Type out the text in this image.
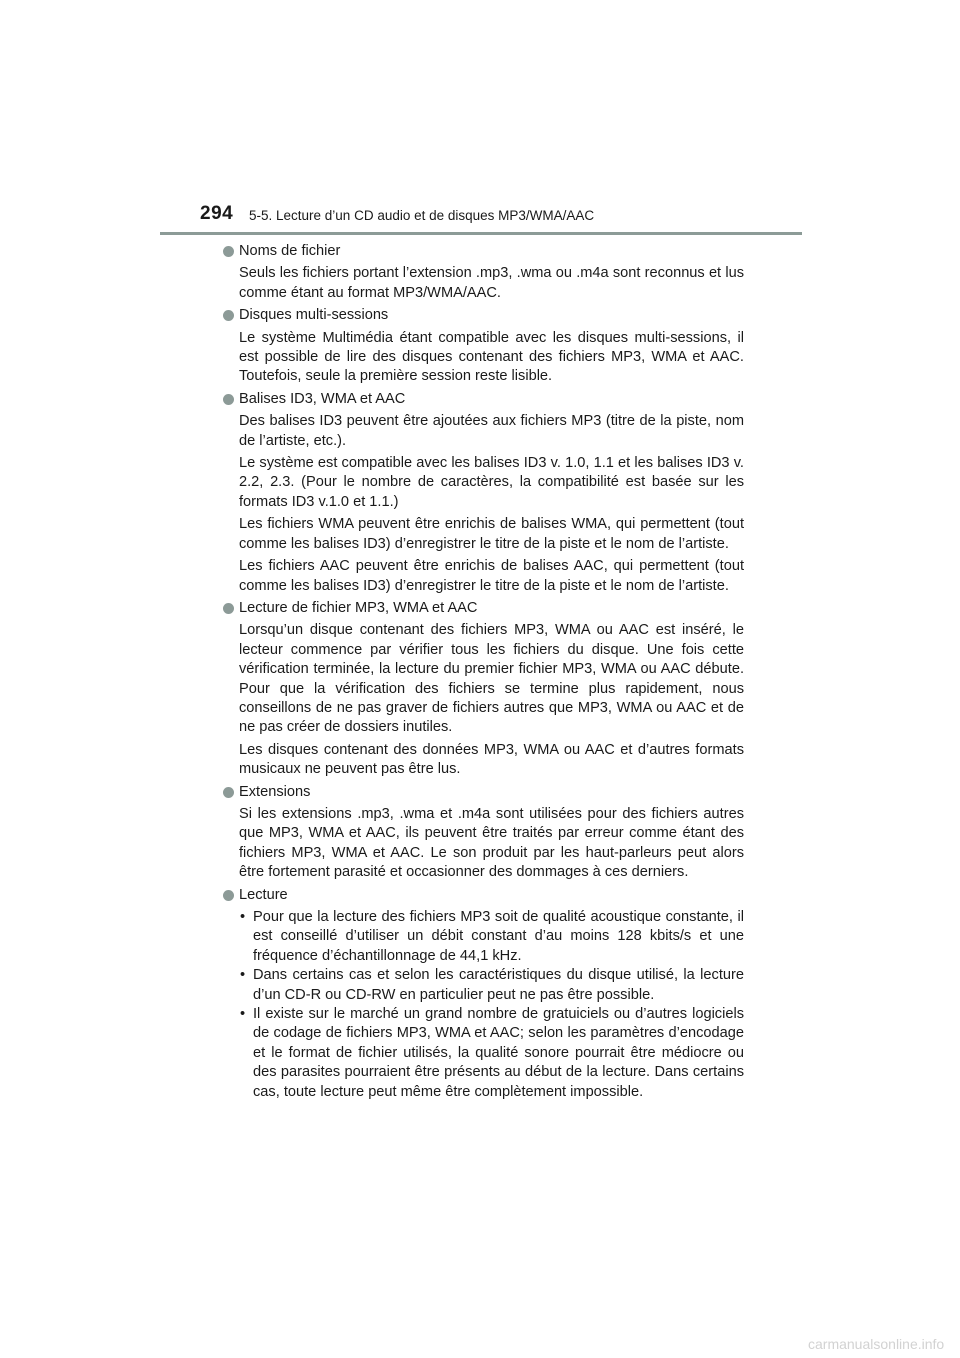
294 5-5. Lecture d’un CD audio et de disques MP3/WMA/AAC
Noms de fichier
Seuls les fichiers portant l’extension .mp3, .wma ou .m4a sont reconnus et lus comme étant au format MP3/WMA/AAC.
Disques multi-sessions
Le système Multimédia étant compatible avec les disques multi-sessions, il est possible de lire des disques contenant des fichiers MP3, WMA et AAC. Toutefois, seule la première session reste lisible.
Balises ID3, WMA et AAC
Des balises ID3 peuvent être ajoutées aux fichiers MP3 (titre de la piste, nom de l’artiste, etc.).
Le système est compatible avec les balises ID3 v. 1.0, 1.1 et les balises ID3 v. 2.2, 2.3. (Pour le nombre de caractères, la compatibilité est basée sur les formats ID3 v.1.0 et 1.1.)
Les fichiers WMA peuvent être enrichis de balises WMA, qui permettent (tout comme les balises ID3) d’enregistrer le titre de la piste et le nom de l’artiste.
Les fichiers AAC peuvent être enrichis de balises AAC, qui permettent (tout comme les balises ID3) d’enregistrer le titre de la piste et le nom de l’artiste.
Lecture de fichier MP3, WMA et AAC
Lorsqu’un disque contenant des fichiers MP3, WMA ou AAC est inséré, le lecteur commence par vérifier tous les fichiers du disque. Une fois cette vérification terminée, la lecture du premier fichier MP3, WMA ou AAC débute. Pour que la vérification des fichiers se termine plus rapidement, nous conseillons de ne pas graver de fichiers autres que MP3, WMA ou AAC et de ne pas créer de dossiers inutiles.
Les disques contenant des données MP3, WMA ou AAC et d’autres formats musicaux ne peuvent pas être lus.
Extensions
Si les extensions .mp3, .wma et .m4a sont utilisées pour des fichiers autres que MP3, WMA et AAC, ils peuvent être traités par erreur comme étant des fichiers MP3, WMA et AAC. Le son produit par les haut-parleurs peut alors être fortement parasité et occasionner des dommages à ces derniers.
Lecture
• Pour que la lecture des fichiers MP3 soit de qualité acoustique constante, il est conseillé d’utiliser un débit constant d’au moins 128 kbits/s et une fréquence d’échantillonnage de 44,1 kHz.
• Dans certains cas et selon les caractéristiques du disque utilisé, la lecture d’un CD-R ou CD-RW en particulier peut ne pas être possible.
• Il existe sur le marché un grand nombre de gratuiciels ou d’autres logiciels de codage de fichiers MP3, WMA et AAC; selon les paramètres d’encodage et le format de fichier utilisés, la qualité sonore pourrait être médiocre ou des parasites pourraient être présents au début de la lecture. Dans certains cas, toute lecture peut même être complètement impossible.
carmanualsonline.info
